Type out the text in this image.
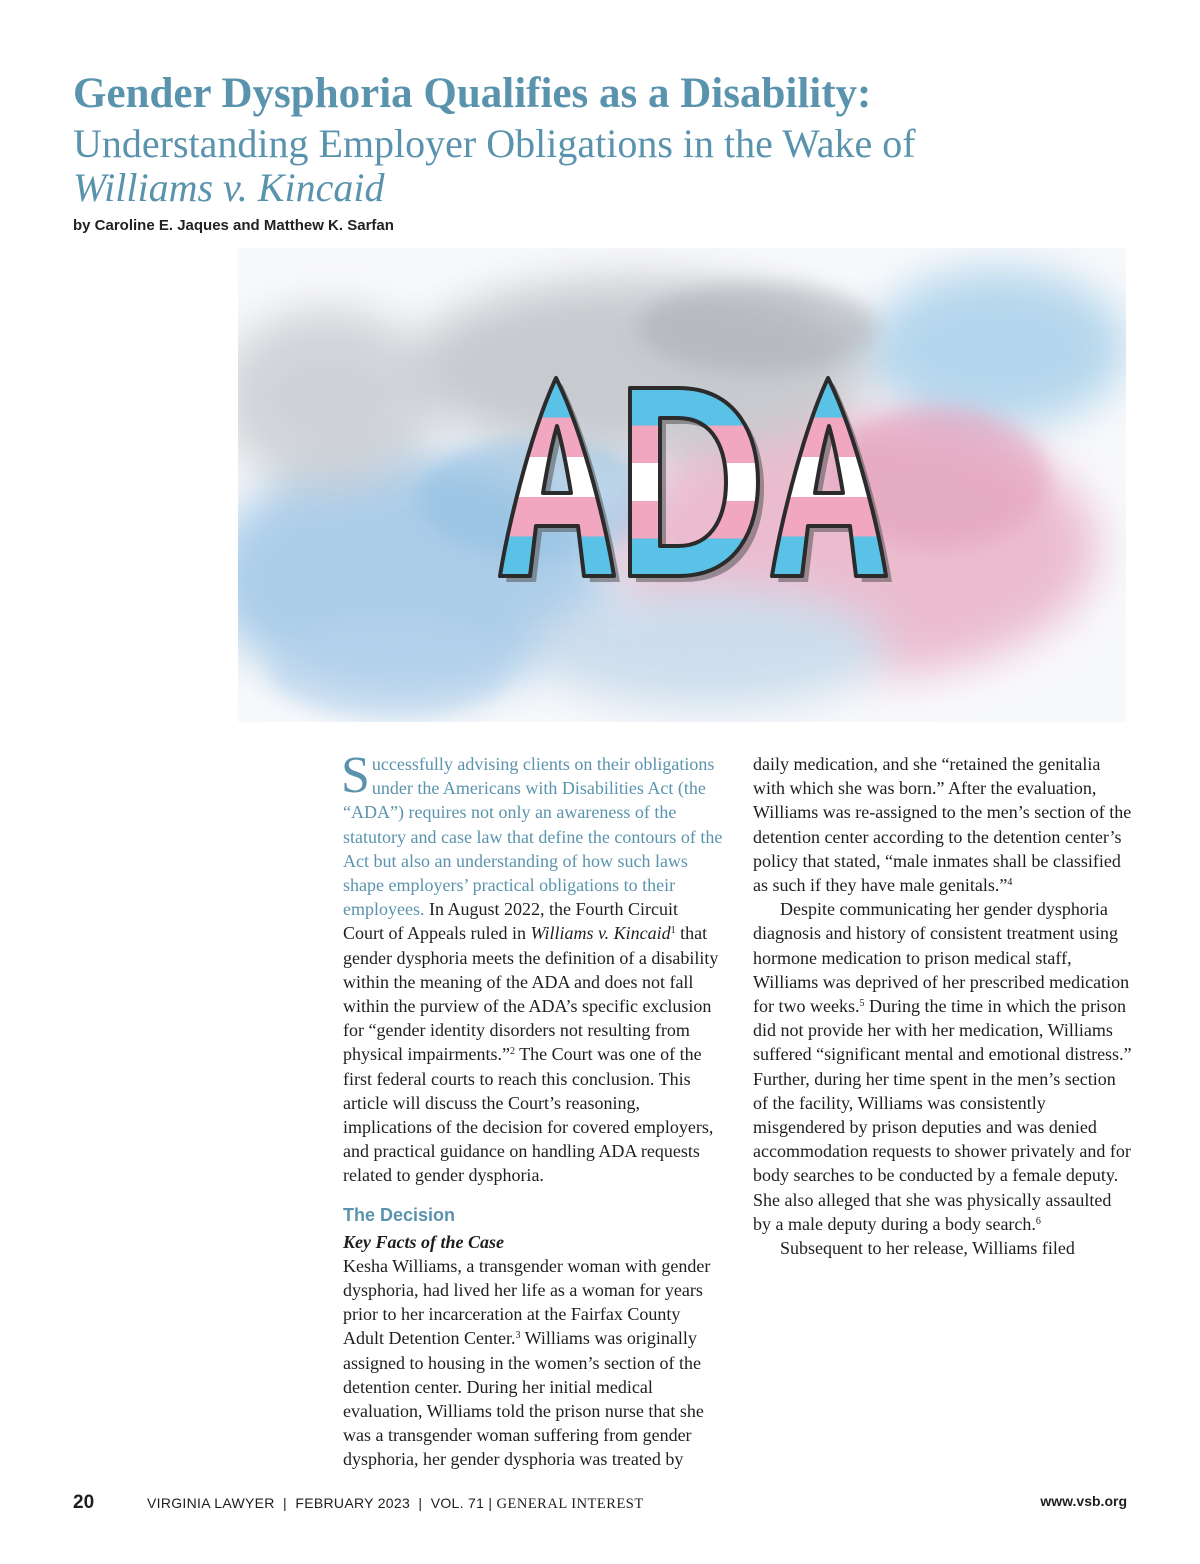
Gender Dysphoria Qualifies as a Disability:
Understanding Employer Obligations in the Wake of
Williams v. Kincaid
by Caroline E. Jaques and Matthew K. Sarfan

Successfully advising clients on their obligations under the Americans with Disabilities Act (the “ADA”) requires not only an awareness of the statutory and case law that define the contours of the Act but also an understanding of how such laws shape employers’ practical obligations to their employees. In August 2022, the Fourth Circuit Court of Appeals ruled in Williams v. Kincaid$^1$ that gender dysphoria meets the definition of a disability within the meaning of the ADA and does not fall within the purview of the ADA’s specific exclusion for “gender identity disorders not resulting from physical impairments.”$^2$ The Court was one of the first federal courts to reach this conclusion. This article will discuss the Court’s reasoning, implications of the decision for covered employers, and practical guidance on handling ADA requests related to gender dysphoria.

The Decision
Key Facts of the Case

Kesha Williams, a transgender woman with gender dysphoria, had lived her life as a woman for years prior to her incarceration at the Fairfax County Adult Detention Center.$^3$ Williams was originally assigned to housing in the women’s section of the detention center. During her initial medical evaluation, Williams told the prison nurse that she was a transgender woman suffering from gender dysphoria, her gender dysphoria was treated by

daily medication, and she “retained the genitalia with which she was born.” After the evaluation, Williams was re-assigned to the men’s section of the detention center according to the detention center’s policy that stated, “male inmates shall be classified as such if they have male genitals.”$^4$

Despite communicating her gender dysphoria diagnosis and history of consistent treatment using hormone medication to prison medical staff, Williams was deprived of her prescribed medication for two weeks.$^5$ During the time in which the prison did not provide her with her medication, Williams suffered “significant mental and emotional distress.” Further, during her time spent in the men’s section of the facility, Williams was consistently misgendered by prison deputies and was denied accommodation requests to shower privately and for body searches to be conducted by a female deputy. She also alleged that she was physically assaulted by a male deputy during a body search.$^6$

Subsequent to her release, Williams filed

20	VIRGINIA LAWYER  |  FEBRUARY 2023  |  VOL. 71 | GENERAL INTEREST	www.vsb.org
